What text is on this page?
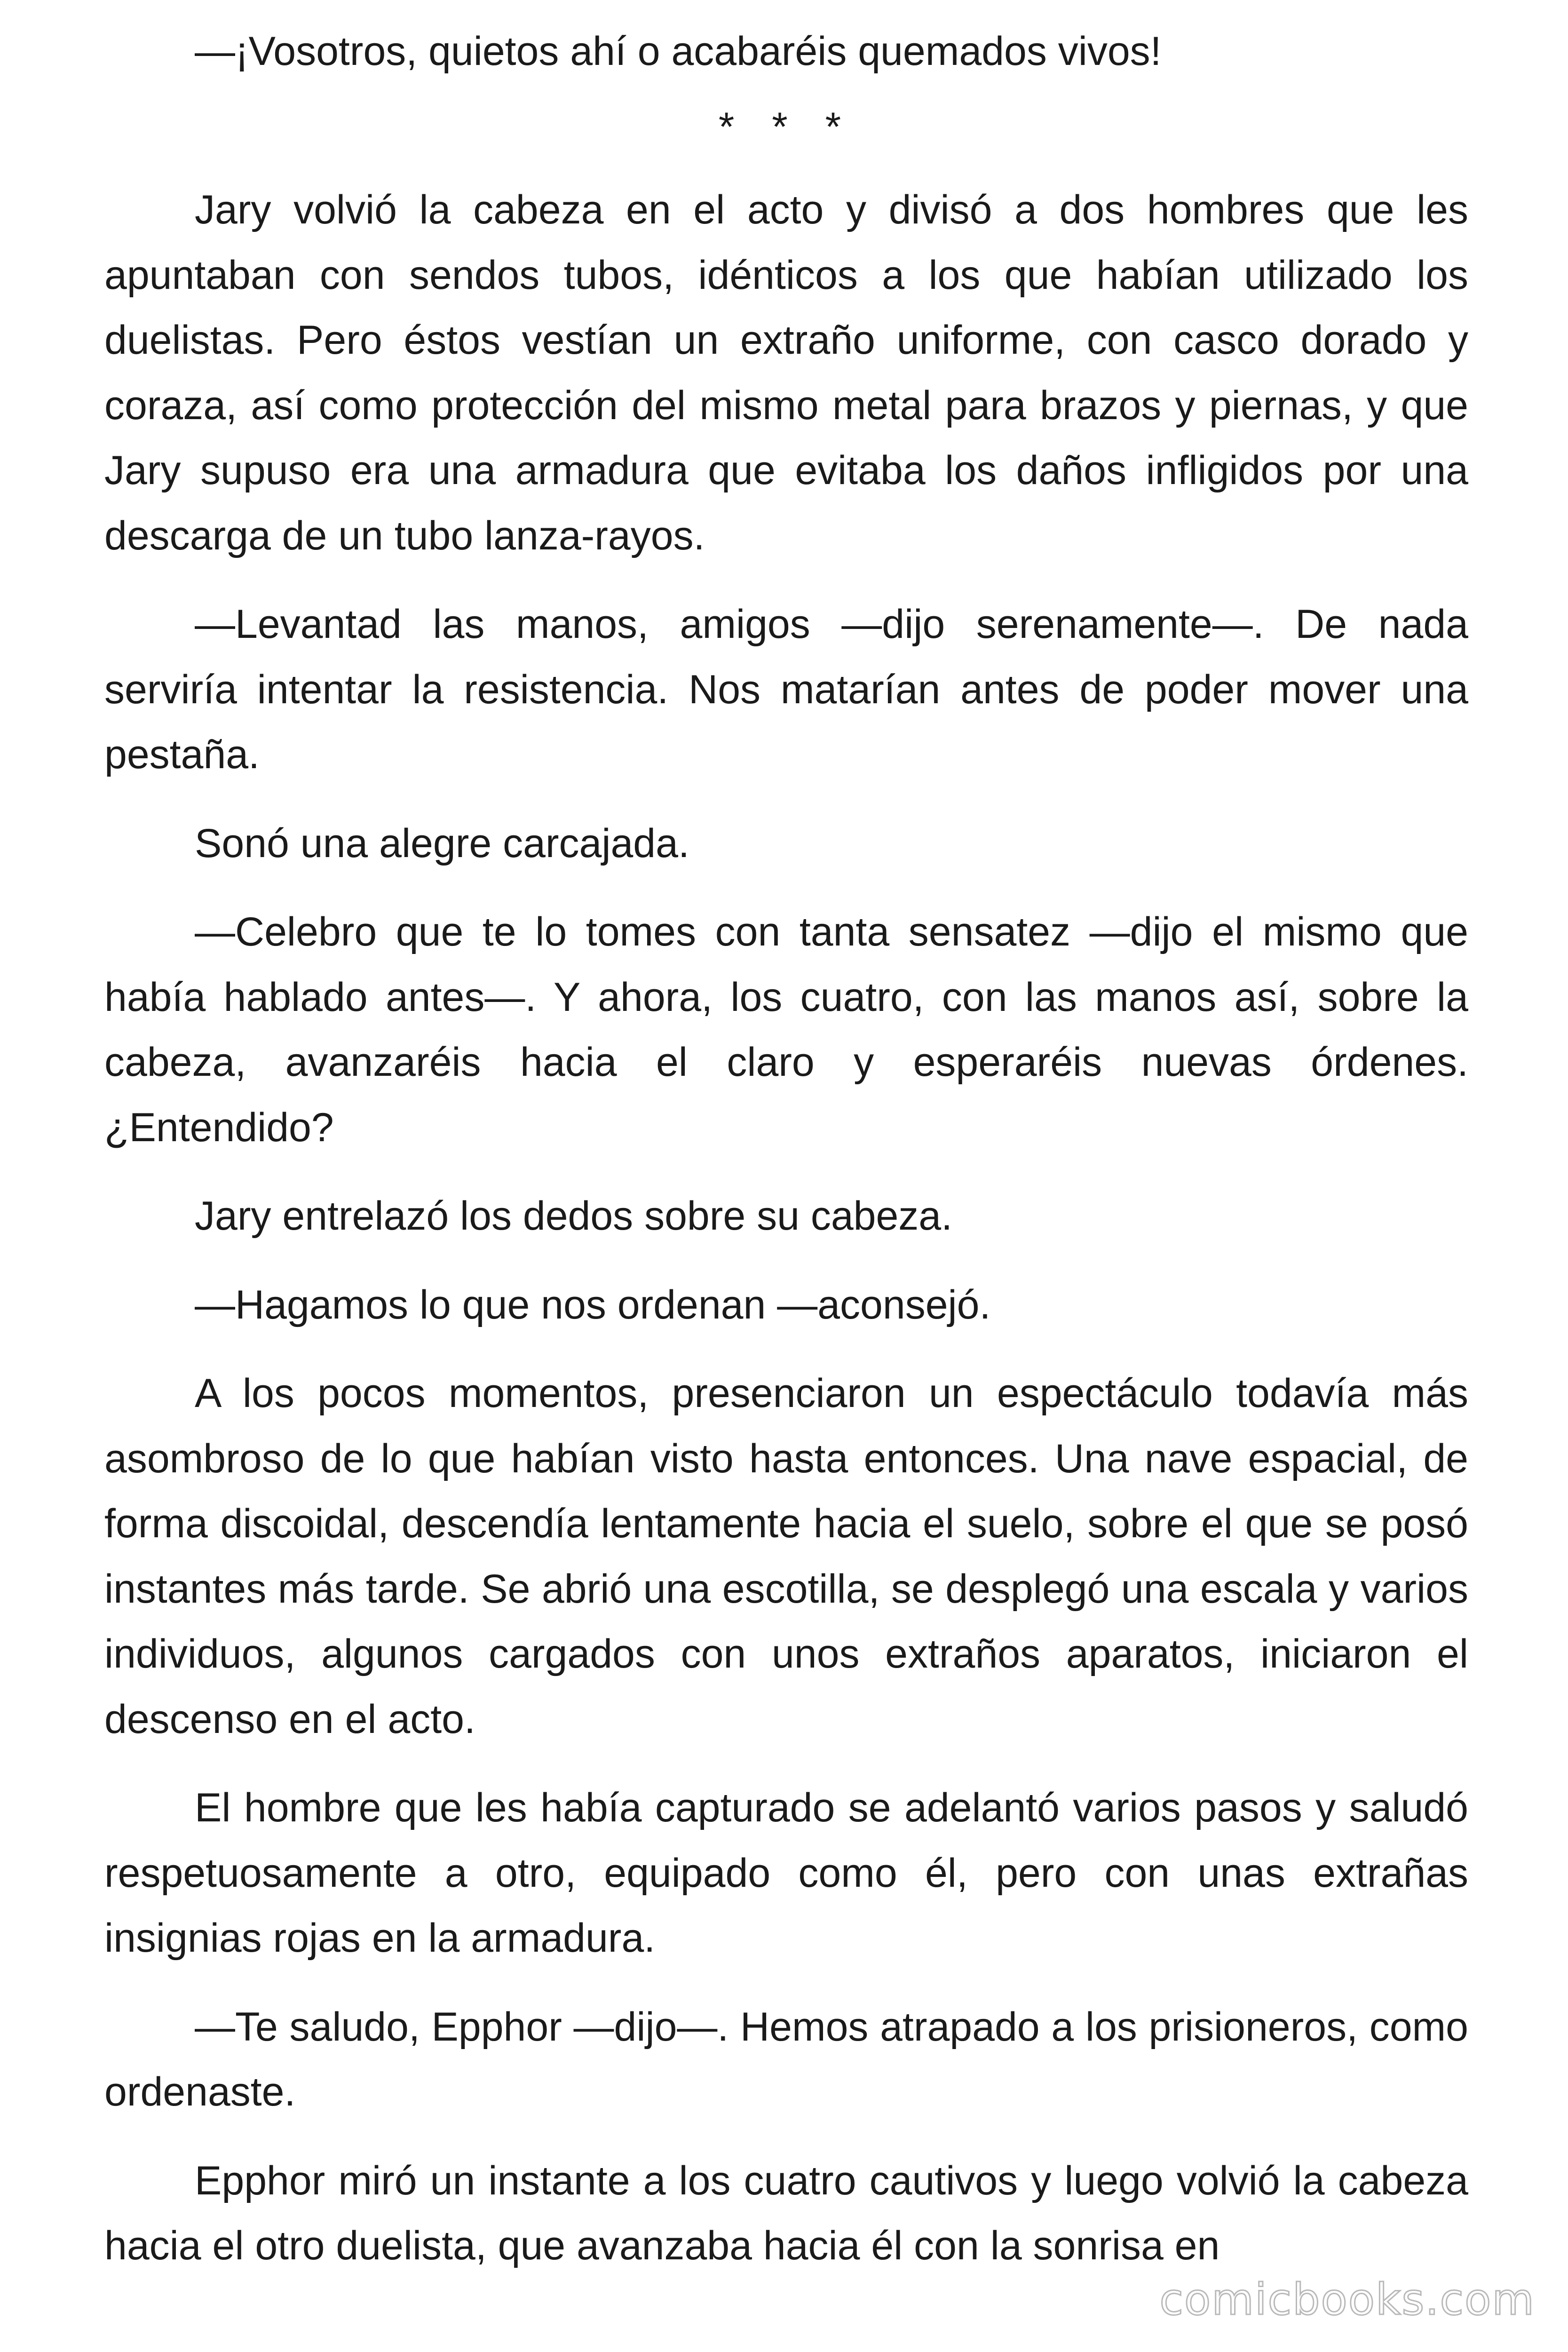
—¡Vosotros, quietos ahí o acabaréis quemados vivos!

* * *

Jary volvió la cabeza en el acto y divisó a dos hombres que les apuntaban con sendos tubos, idénticos a los que habían utilizado los duelistas. Pero éstos vestían un extraño uniforme, con casco dorado y coraza, así como protección del mismo metal para brazos y piernas, y que Jary supuso era una armadura que evitaba los daños infligidos por una descarga de un tubo lanza-rayos.

—Levantad las manos, amigos —dijo serenamente—. De nada serviría intentar la resistencia. Nos matarían antes de poder mover una pestaña.

Sonó una alegre carcajada.

—Celebro que te lo tomes con tanta sensatez —dijo el mismo que había hablado antes—. Y ahora, los cuatro, con las manos así, sobre la cabeza, avanzaréis hacia el claro y esperaréis nuevas órdenes. ¿Entendido?

Jary entrelazó los dedos sobre su cabeza.

—Hagamos lo que nos ordenan —aconsejó.

A los pocos momentos, presenciaron un espectáculo todavía más asombroso de lo que habían visto hasta entonces. Una nave espacial, de forma discoidal, descendía lentamente hacia el suelo, sobre el que se posó instantes más tarde. Se abrió una escotilla, se desplegó una escala y varios individuos, algunos cargados con unos extraños aparatos, iniciaron el descenso en el acto.

El hombre que les había capturado se adelantó varios pasos y saludó respetuosamente a otro, equipado como él, pero con unas extrañas insignias rojas en la armadura.

—Te saludo, Epphor —dijo—. Hemos atrapado a los prisioneros, como ordenaste.

Epphor miró un instante a los cuatro cautivos y luego volvió la cabeza hacia el otro duelista, que avanzaba hacia él con la sonrisa en

comicbooks.com
